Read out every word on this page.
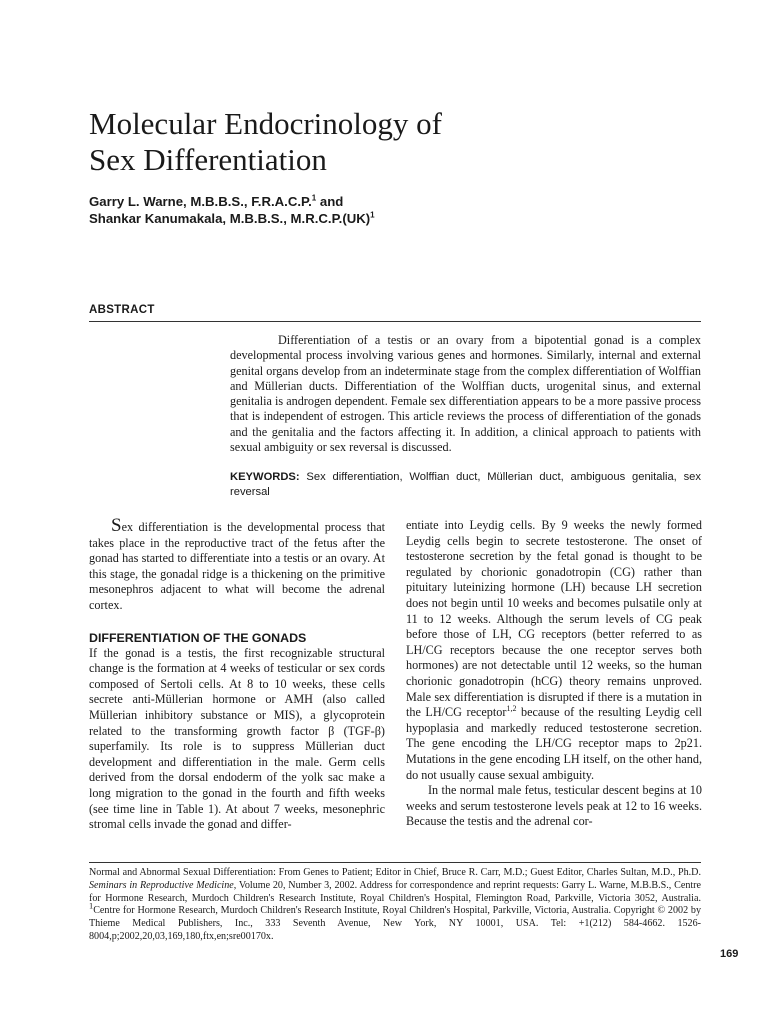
Molecular Endocrinology of
Sex Differentiation
Garry L. Warne, M.B.B.S., F.R.A.C.P.$^1$ and
Shankar Kanumakala, M.B.B.S., M.R.C.P.(UK)$^1$
ABSTRACT

Differentiation of a testis or an ovary from a bipotential gonad is a complex developmental process involving various genes and hormones. Similarly, internal and external genital organs develop from an indeterminate stage from the complex differentiation of Wolffian and Müllerian ducts. Differentiation of the Wolffian ducts, urogenital sinus, and external genitalia is androgen dependent. Female sex differentiation appears to be a more passive process that is independent of estrogen. This article reviews the process of differentiation of the gonads and the genitalia and the factors affecting it. In addition, a clinical approach to patients with sexual ambiguity or sex reversal is discussed.

KEYWORDS: Sex differentiation, Wolffian duct, Müllerian duct, ambiguous genitalia, sex reversal

Sex differentiation is the developmental process that takes place in the reproductive tract of the fetus after the gonad has started to differentiate into a testis or an ovary. At this stage, the gonadal ridge is a thickening on the primitive mesonephros adjacent to what will become the adrenal cortex.

DIFFERENTIATION OF THE GONADS

If the gonad is a testis, the first recognizable structural change is the formation at 4 weeks of testicular or sex cords composed of Sertoli cells. At 8 to 10 weeks, these cells secrete anti-Müllerian hormone or AMH (also called Müllerian inhibitory substance or MIS), a glycoprotein related to the transforming growth factor β (TGF-β) superfamily. Its role is to suppress Müllerian duct development and differentiation in the male. Germ cells derived from the dorsal endoderm of the yolk sac make a long migration to the gonad in the fourth and fifth weeks (see time line in Table 1). At about 7 weeks, mesonephric stromal cells invade the gonad and differ-

entiate into Leydig cells. By 9 weeks the newly formed Leydig cells begin to secrete testosterone. The onset of testosterone secretion by the fetal gonad is thought to be regulated by chorionic gonadotropin (CG) rather than pituitary luteinizing hormone (LH) because LH secretion does not begin until 10 weeks and becomes pulsatile only at 11 to 12 weeks. Although the serum levels of CG peak before those of LH, CG receptors (better referred to as LH/CG receptors because the one receptor serves both hormones) are not detectable until 12 weeks, so the human chorionic gonadotropin (hCG) theory remains unproved. Male sex differentiation is disrupted if there is a mutation in the LH/CG receptor$^{1,2}$ because of the resulting Leydig cell hypoplasia and markedly reduced testosterone secretion. The gene encoding the LH/CG receptor maps to 2p21. Mutations in the gene encoding LH itself, on the other hand, do not usually cause sexual ambiguity.

In the normal male fetus, testicular descent begins at 10 weeks and serum testosterone levels peak at 12 to 16 weeks. Because the testis and the adrenal cor-

Normal and Abnormal Sexual Differentiation: From Genes to Patient; Editor in Chief, Bruce R. Carr, M.D.; Guest Editor, Charles Sultan, M.D., Ph.D. Seminars in Reproductive Medicine, Volume 20, Number 3, 2002. Address for correspondence and reprint requests: Garry L. Warne, M.B.B.S., Centre for Hormone Research, Murdoch Children's Research Institute, Royal Children's Hospital, Flemington Road, Parkville, Victoria 3052, Australia. $^1$Centre for Hormone Research, Murdoch Children's Research Institute, Royal Children's Hospital, Parkville, Victoria, Australia. Copyright © 2002 by Thieme Medical Publishers, Inc., 333 Seventh Avenue, New York, NY 10001, USA. Tel: +1(212) 584-4662. 1526-8004,p;2002,20,03,169,180,ftx,en;sre00170x.

169
